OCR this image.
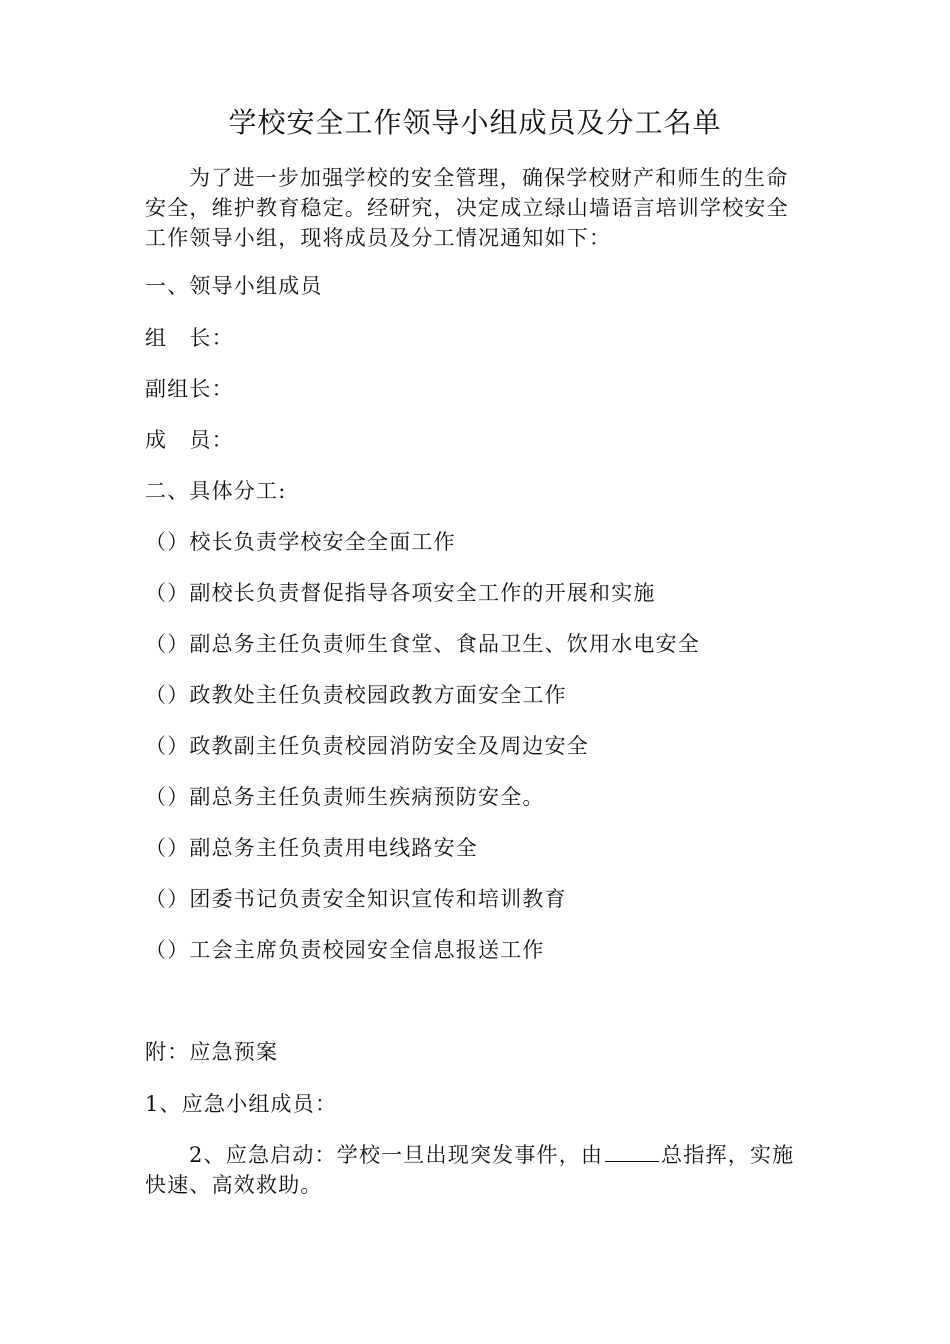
学校安全工作领导小组成员及分工名单
为了进一步加强学校的安全管理，确保学校财产和师生的生命安全，维护教育稳定。经研究，决定成立绿山墙语言培训学校安全工作领导小组，现将成员及分工情况通知如下：
一、领导小组成员
组　长：
副组长：
成　员：
二、具体分工:
（）校长负责学校安全全面工作
（）副校长负责督促指导各项安全工作的开展和实施
（）副总务主任负责师生食堂、食品卫生、饮用水电安全
（）政教处主任负责校园政教方面安全工作
（）政教副主任负责校园消防安全及周边安全
（）副总务主任负责师生疾病预防安全。
（）副总务主任负责用电线路安全
（）团委书记负责安全知识宣传和培训教育
（）工会主席负责校园安全信息报送工作
附：应急预案
1、应急小组成员：
2、应急启动：学校一旦出现突发事件，由	总指挥，实施快速、高效救助。
